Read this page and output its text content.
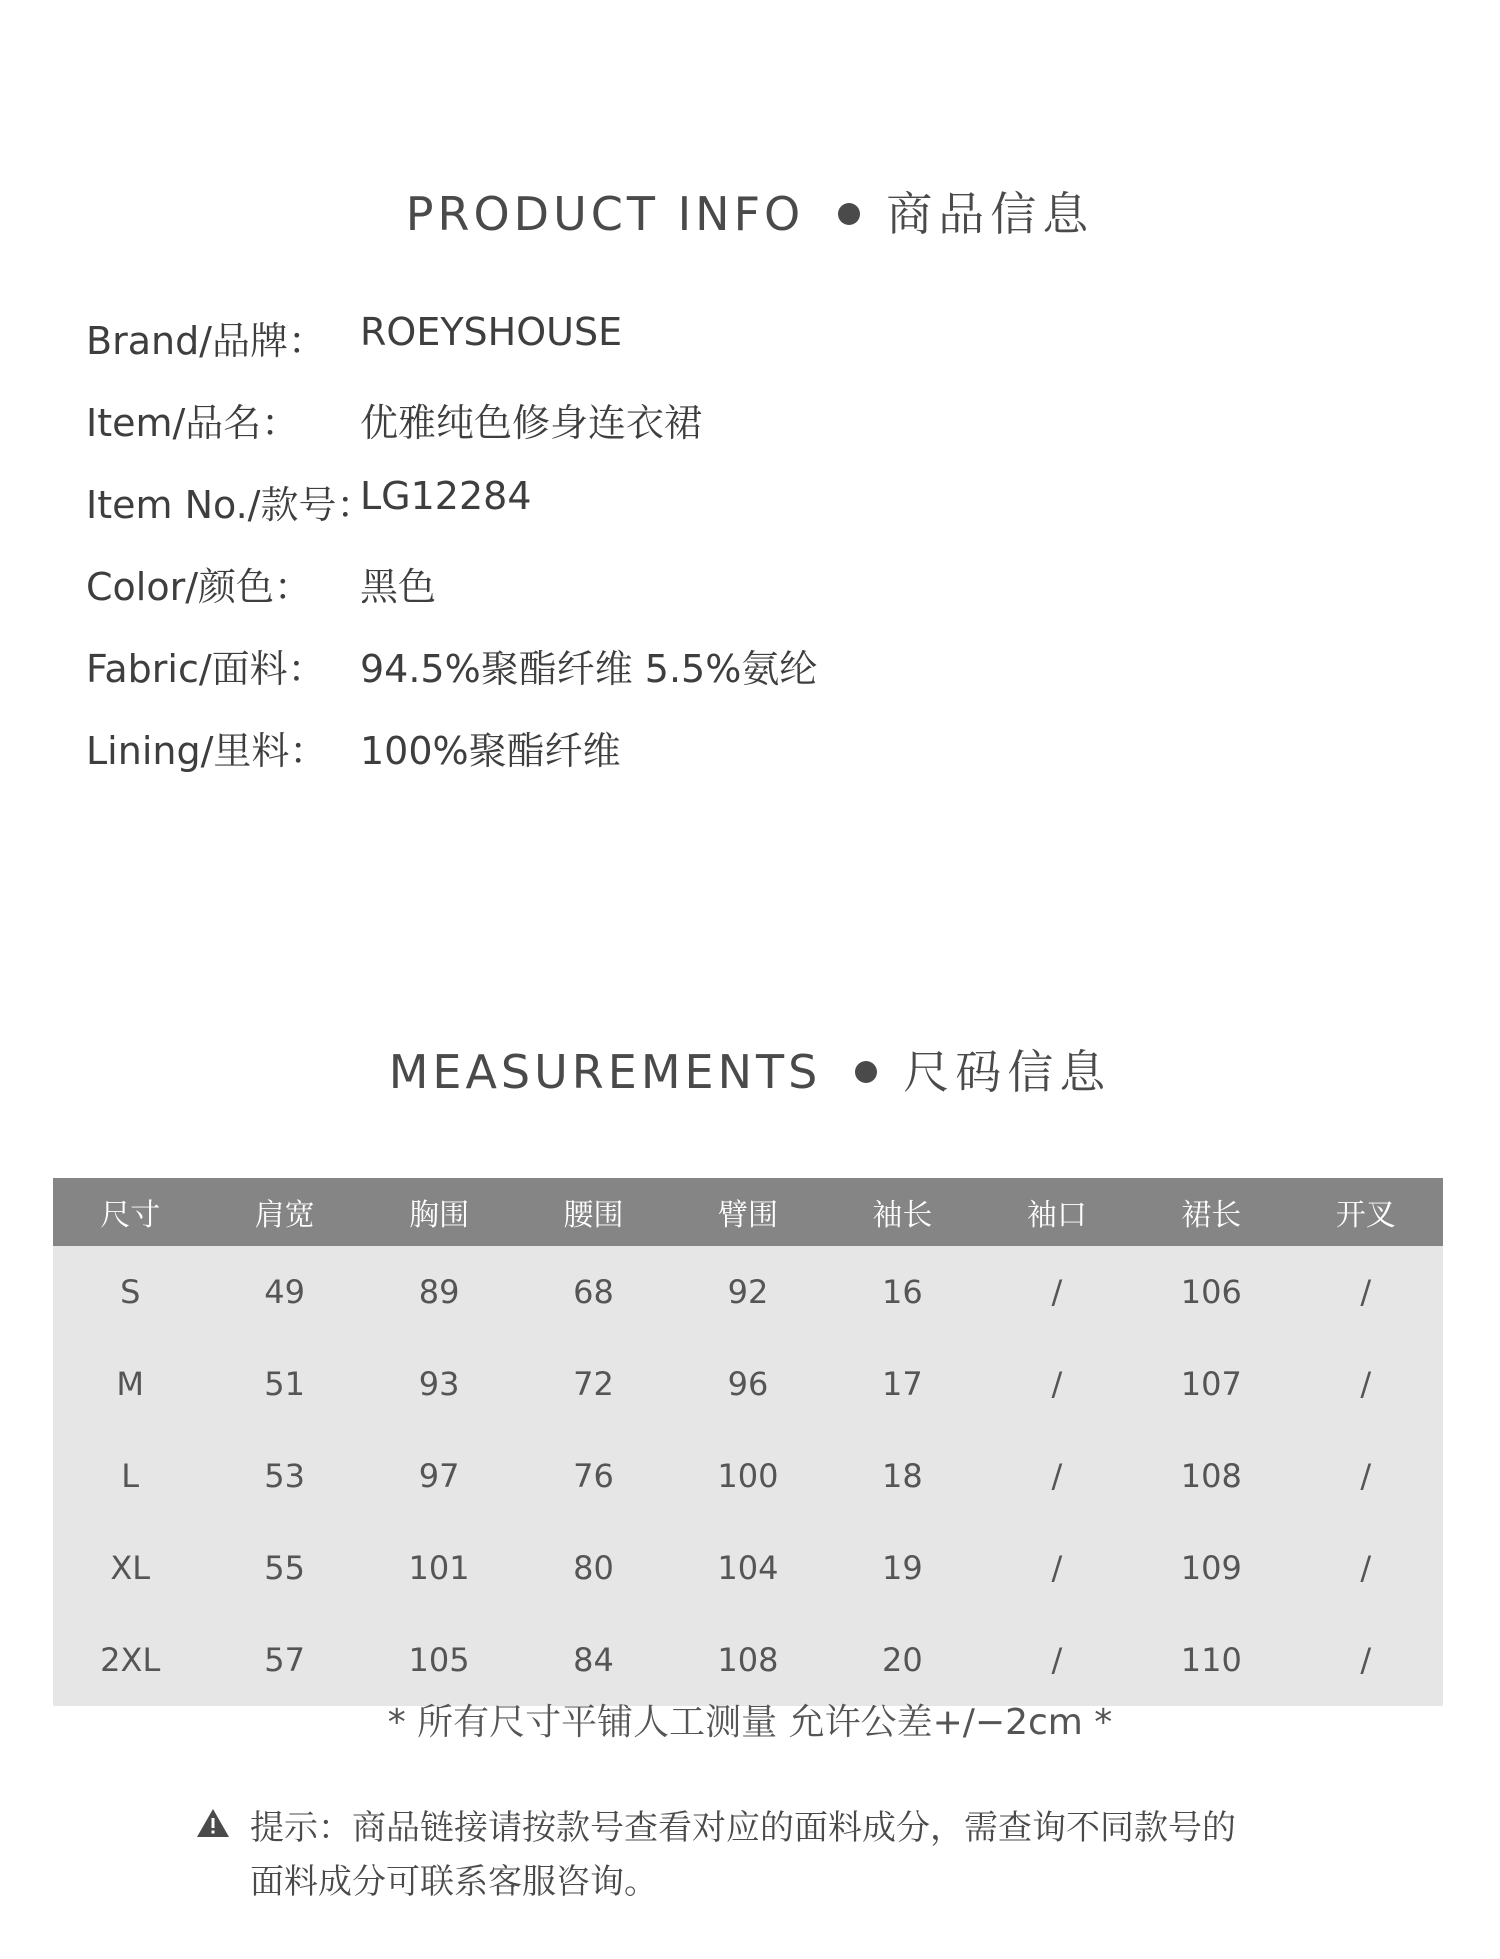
PRODUCT INFO 商品信息
Brand/品牌： ROEYSHOUSE
Item/品名： 优雅纯色修身连衣裙
Item No./款号：
LG12284
Color/颜色： 黑色
Fabric/面料： 94.5%聚酯纤维 5.5%氨纶
Lining/里料： 100%聚酯纤维
MEASUREMENTS 尺码信息
尺寸	肩宽	胸围	腰围	臂围	袖长	袖口	裙长	开叉
S	49	89	68	92	16	/	106	/
M	51	93	72	96	17	/	107	/
L	53	97	76	100	18	/	108	/
XL	55	101	80	104	19	/	109	/
2XL	57	105	84	108	20	/	110	/
* 所有尺寸平铺人工测量 允许公差+/−2cm *
提示：商品链接请按款号查看对应的面料成分，需查询不同款号的
面料成分可联系客服咨询。
